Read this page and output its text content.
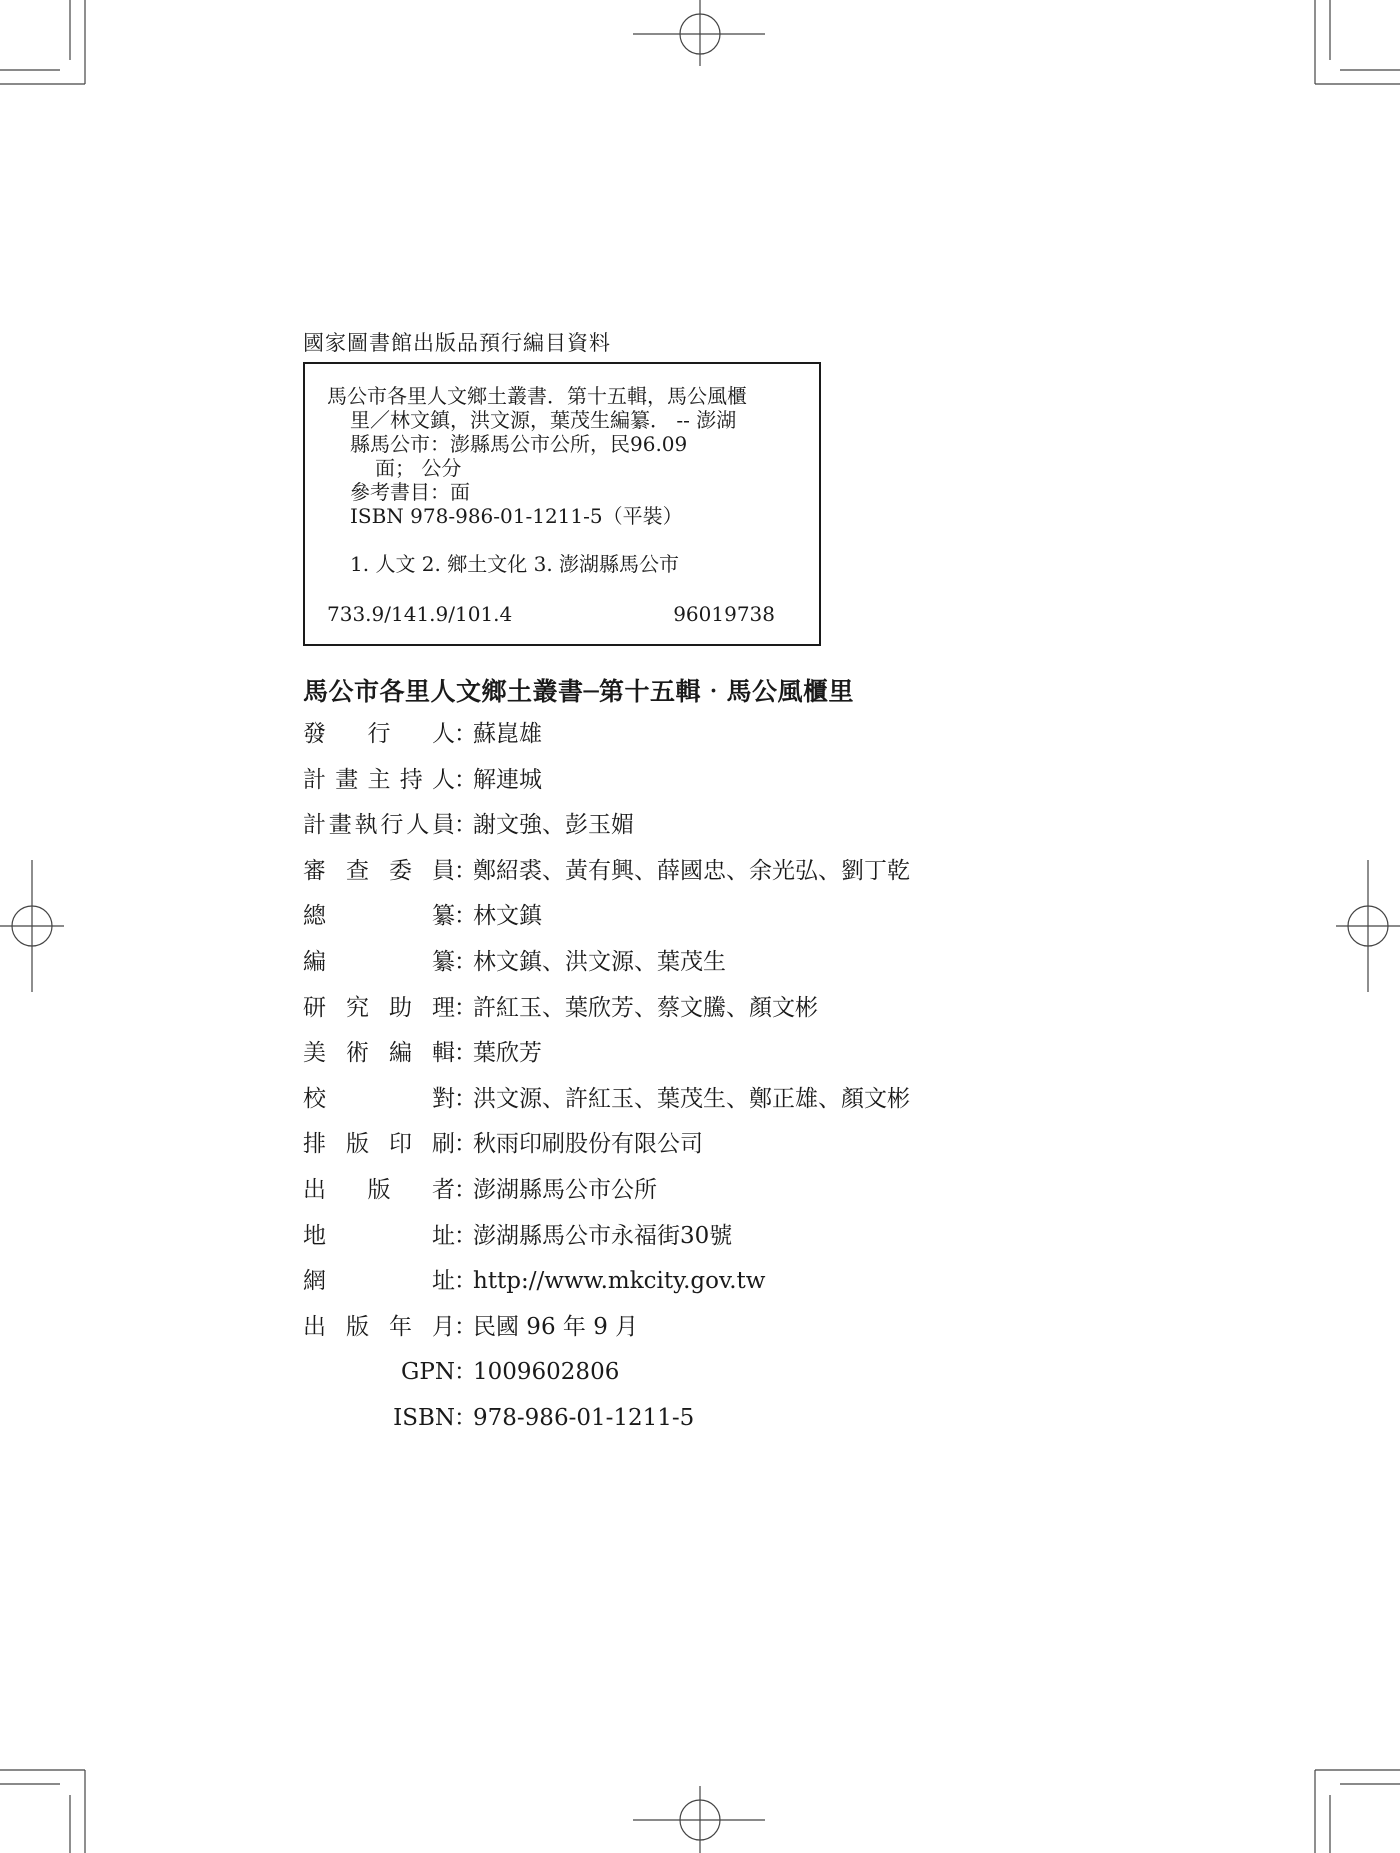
國家圖書館出版品預行編目資料
馬公市各里人文鄉土叢書．第十五輯，馬公風櫃
里／林文鎮，洪文源，葉茂生編纂． -- 澎湖
縣馬公市：澎縣馬公市公所，民96.09
面； 公分
參考書目：面
ISBN 978-986-01-1211-5（平裝）
1. 人文 2. 鄉土文化 3. 澎湖縣馬公市
733.9/141.9/101.4	96019738
馬公市各里人文鄉土叢書─第十五輯‧馬公風櫃里
發 行 人 ：
蘇崑雄
計 畫 主 持 人 ：
解連城
計 畫 執 行 人 員 ：
謝文強、彭玉媚
審 查 委 員 ：
鄭紹裘、黃有興、薛國忠、余光弘、劉丁乾
總	纂 ：
林文鎮
編	纂 ：
林文鎮、洪文源、葉茂生
研 究 助 理 ：
許紅玉、葉欣芳、蔡文騰、顏文彬
美 術 編 輯 ：
葉欣芳
校	對 ：
洪文源、許紅玉、葉茂生、鄭正雄、顏文彬
排 版 印 刷 ：
秋雨印刷股份有限公司
出 版 者 ：
澎湖縣馬公市公所
地	址 ：
澎湖縣馬公市永福街30號
網	址 ：
http://www.mkcity.gov.tw
出 版 年 月 ：
民國 96 年 9 月
GPN ：
1009602806
ISBN ：
978-986-01-1211-5
